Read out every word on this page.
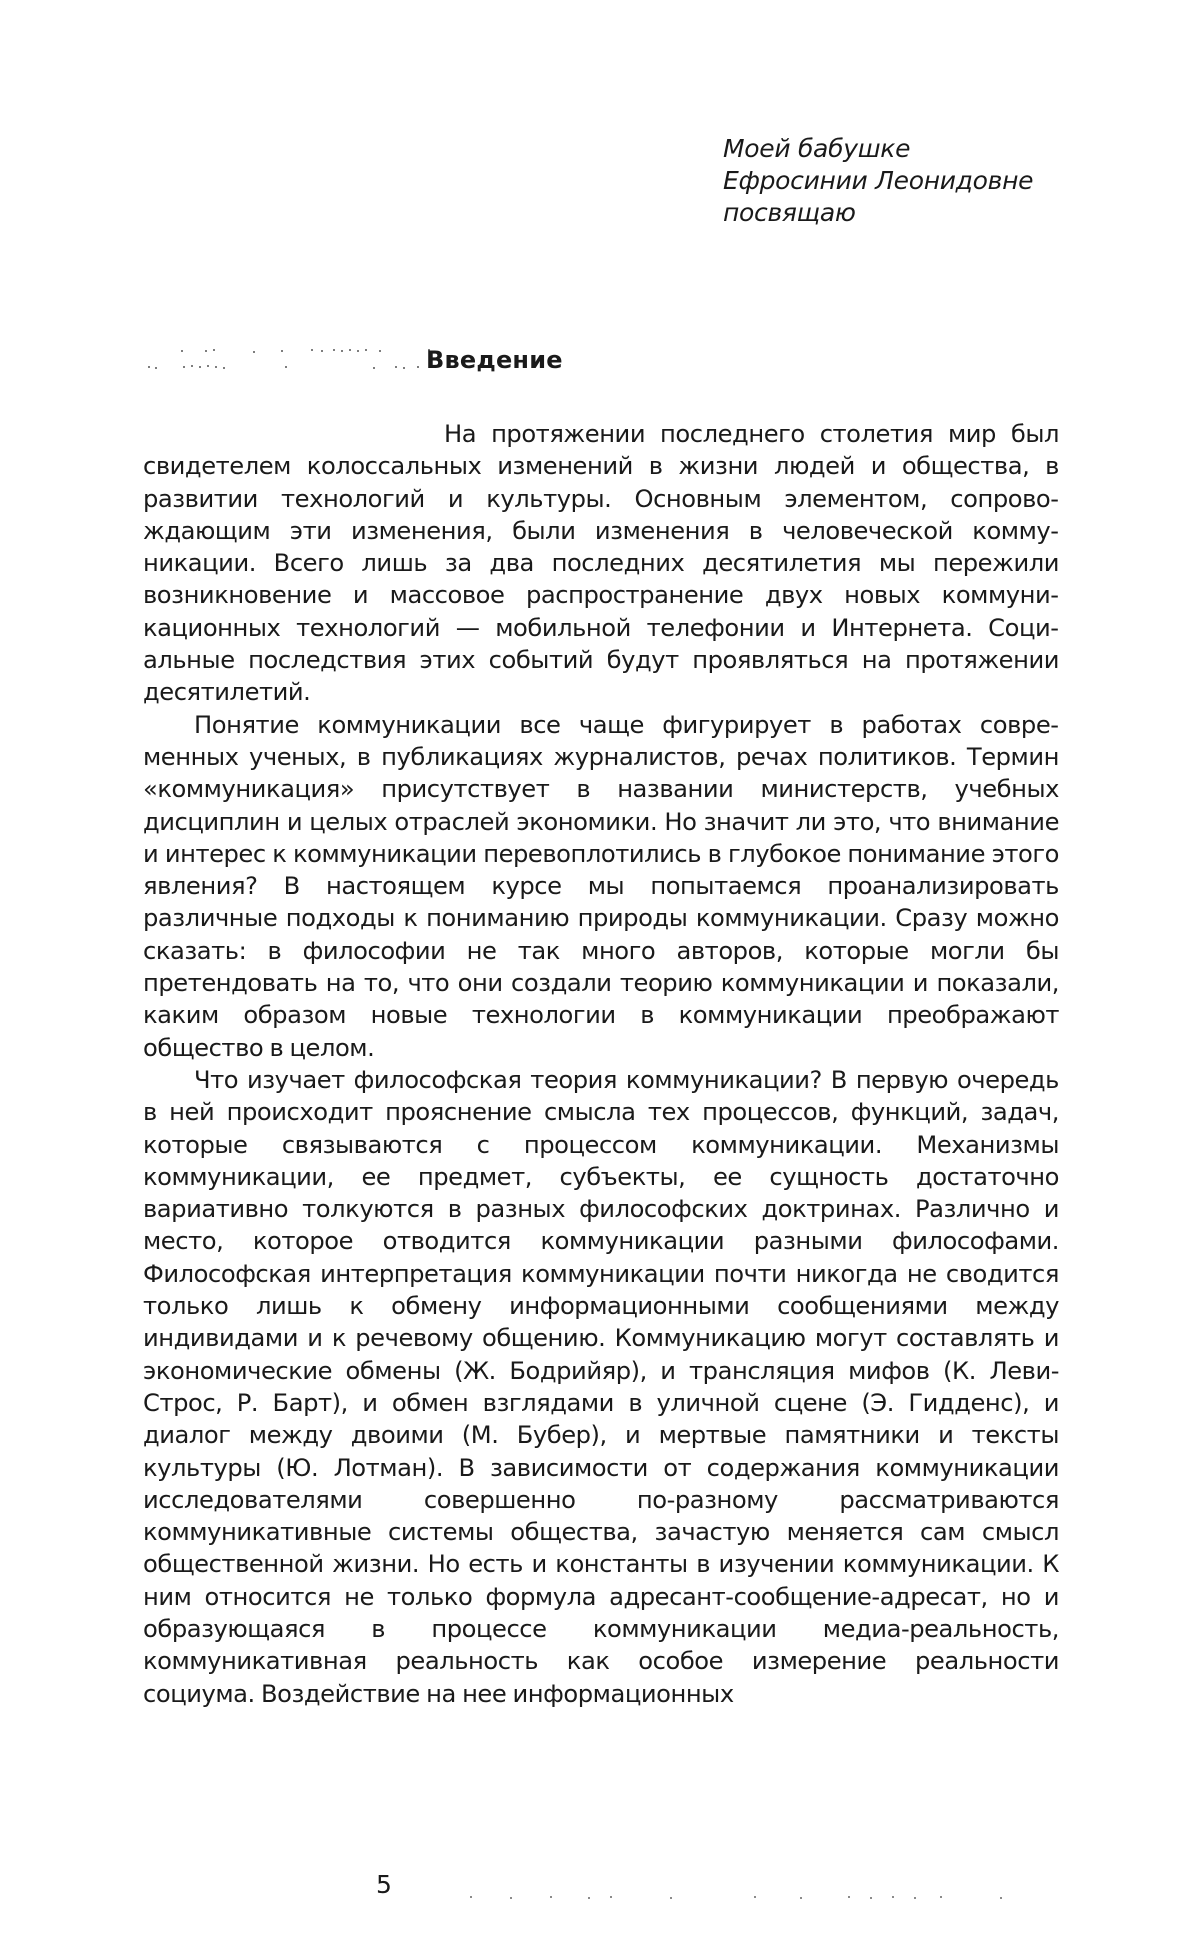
Моей бабушке
Ефросинии Леонидовне
посвящаю
Введение

На протяжении последнего столетия мир был свидетелем колоссальных изменений в жизни людей и общества, в развитии технологий и культуры. Основным элементом, сопровождающим эти изменения, были изменения в человеческой коммуникации. Всего лишь за два последних десятилетия мы пережили возникновение и массовое распространение двух новых коммуникационных технологий — мобильной телефонии и Интернета. Социальные последствия этих событий будут проявляться на протяжении десятилетий.

Понятие коммуникации все чаще фигурирует в работах современных ученых, в публикациях журналистов, речах политиков. Термин «коммуникация» присутствует в названии министерств, учебных дисциплин и целых отраслей экономики. Но значит ли это, что внимание и интерес к коммуникации перевоплотились в глубокое понимание этого явления? В настоящем курсе мы попытаемся проанализировать различные подходы к пониманию природы коммуникации. Сразу можно сказать: в философии не так много авторов, которые могли бы претендовать на то, что они создали теорию коммуникации и показали, каким образом новые технологии в коммуникации преображают общество в целом.

Что изучает философская теория коммуникации? В первую очередь в ней происходит прояснение смысла тех процессов, функций, задач, которые связываются с процессом коммуникации. Механизмы коммуникации, ее предмет, субъекты, ее сущность достаточно вариативно толкуются в разных философских доктринах. Различно и место, которое отводится коммуникации разными философами. Философская интерпретация коммуникации почти никогда не сводится только лишь к обмену информационными сообщениями между индивидами и к речевому общению. Коммуникацию могут составлять и экономические обмены (Ж. Бодрийяр), и трансляция мифов (К. Леви-Строс, Р. Барт), и обмен взглядами в уличной сцене (Э. Гидденс), и диалог между двоими (М. Бубер), и мертвые памятники и тексты культуры (Ю. Лотман). В зависимости от содержания коммуникации исследователями совершенно по-разному рассматриваются коммуникативные системы общества, зачастую меняется сам смысл общественной жизни. Но есть и константы в изучении коммуникации. К ним относится не только формула адресант-сообщение-адресат, но и образующаяся в процессе коммуникации медиа-реальность, коммуникативная реальность как особое измерение реальности социума. Воздействие на нее информационных

5
